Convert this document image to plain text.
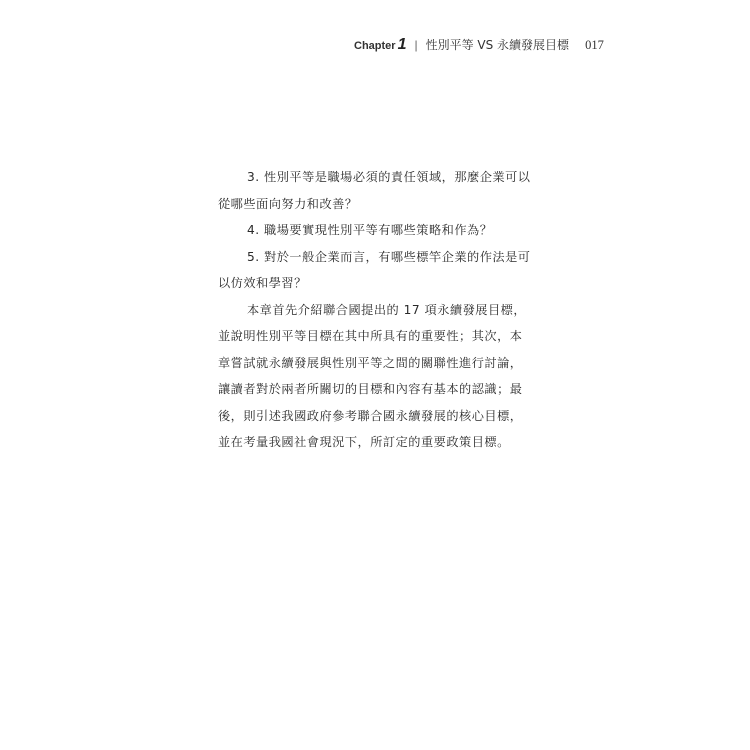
Chapter 1 | 性別平等 VS 永續發展目標 017

3. 性別平等是職場必須的責任領域，那麼企業可以
從哪些面向努力和改善？

4. 職場要實現性別平等有哪些策略和作為？

5. 對於一般企業而言，有哪些標竿企業的作法是可
以仿效和學習？

本章首先介紹聯合國提出的 17 項永續發展目標，
並說明性別平等目標在其中所具有的重要性；其次，本
章嘗試就永續發展與性別平等之間的關聯性進行討論，
讓讀者對於兩者所關切的目標和內容有基本的認識；最
後，則引述我國政府參考聯合國永續發展的核心目標，
並在考量我國社會現況下，所訂定的重要政策目標。
